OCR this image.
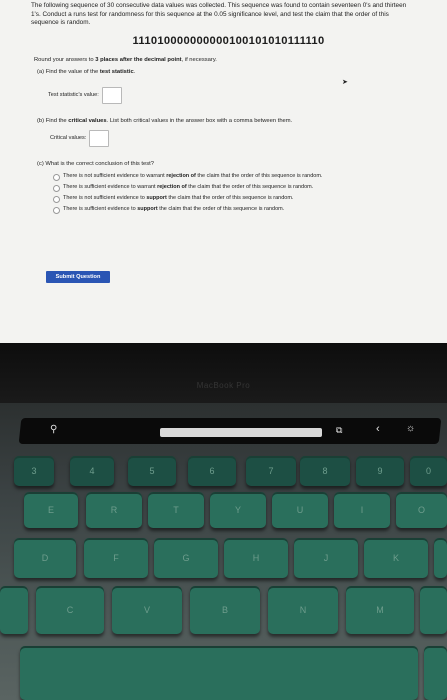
The following sequence of 30 consecutive data values was collected. This sequence was found to contain seventeen 0's and thirteen 1's. Conduct a runs test for randomness for this sequence at the 0.05 significance level, and test the claim that the order of this sequence is random.

111010000000000100101010111110
Round your answers to 3 places after the decimal point, if necessary.
(a) Find the value of the test statistic.
Test statistic's value:
(b) Find the critical values. List both critical values in the answer box with a comma between them.
Critical values:
(c) What is the correct conclusion of this test?
There is not sufficient evidence to warrant rejection of the claim that the order of this sequence is random.
There is sufficient evidence to warrant rejection of the claim that the order of this sequence is random.
There is not sufficient evidence to support the claim that the order of this sequence is random.
There is sufficient evidence to support the claim that the order of this sequence is random.
➤
Submit Question
MacBook Pro
⚲	⧉	‹	☼
3	4	5	6	7	8	9	0
E	R	T	Y	U	I	O
D	F	G	H	J	K
C	V	B	N	M
